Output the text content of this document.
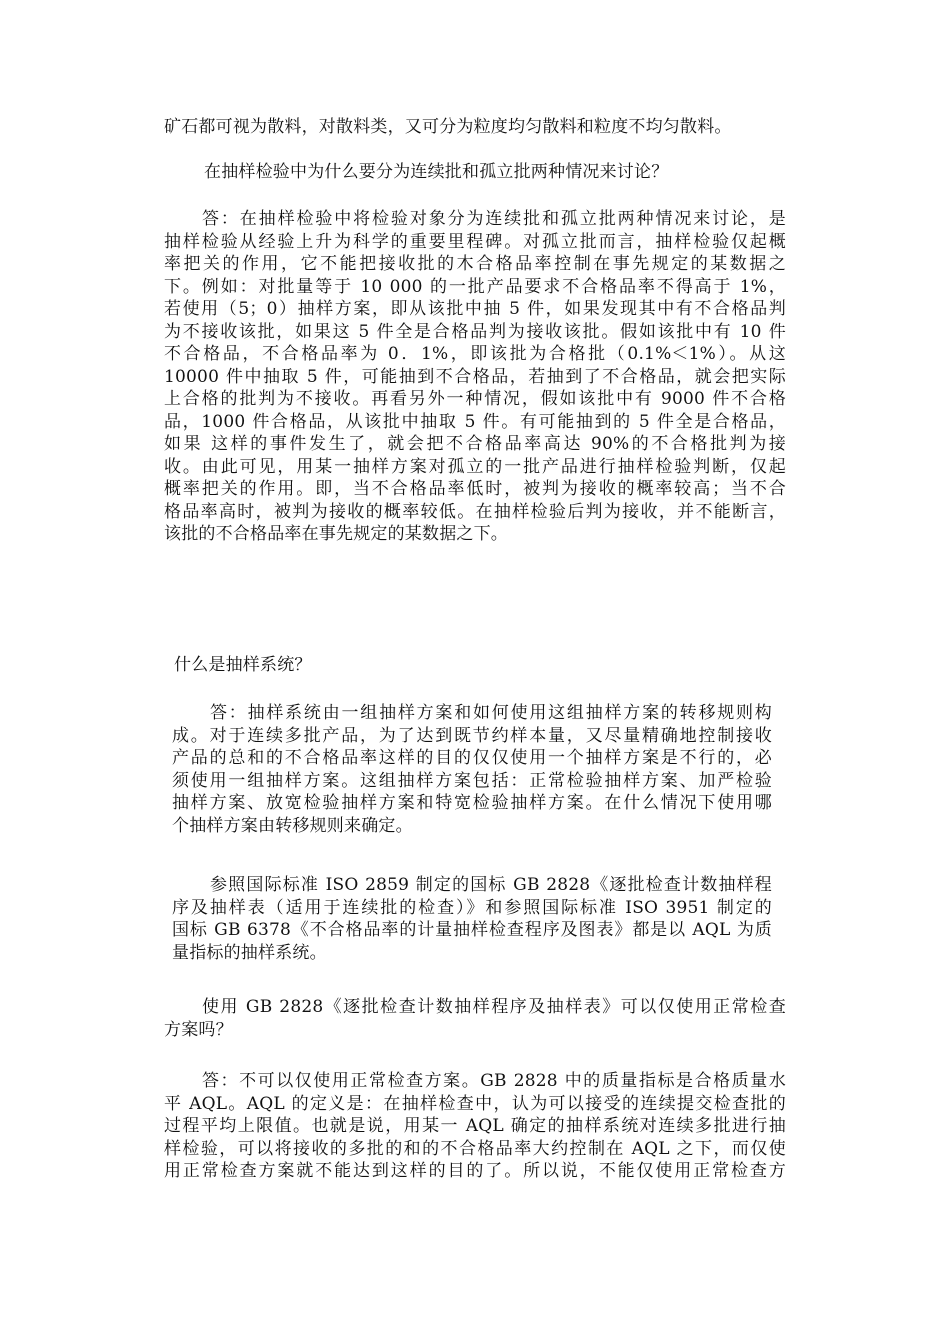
矿石都可视为散料，对散料类，又可分为粒度均匀散料和粒度不均匀散料。
在抽样检验中为什么要分为连续批和孤立批两种情况来讨论？
答：在抽样检验中将检验对象分为连续批和孤立批两种情况来讨论，是
抽样检验从经验上升为科学的重要里程碑。对孤立批而言，抽样检验仅起概
率把关的作用，它不能把接收批的木合格品率控制在事先规定的某数据之
下。例如：对批量等于 10 000 的一批产品要求不合格品率不得高于 1%，
若使用（5；0）抽样方案，即从该批中抽 5 件，如果发现其中有不合格品判
为不接收该批，如果这 5 件全是合格品判为接收该批。假如该批中有 10 件
不合格品，不合格品率为 0．1%，即该批为合格批（0.1%＜1%）。从这
10000 件中抽取 5 件，可能抽到不合格品，若抽到了不合格品，就会把实际
上合格的批判为不接收。再看另外一种情况，假如该批中有 9000 件不合格
品，1000 件合格品，从该批中抽取 5 件。有可能抽到的 5 件全是合格品，
如果 这样的事件发生了，就会把不合格品率高达 90%的不合格批判为接
收。由此可见，用某一抽样方案对孤立的一批产品进行抽样检验判断，仅起
概率把关的作用。即，当不合格品率低时，被判为接收的概率较高；当不合
格品率高时，被判为接收的概率较低。在抽样检验后判为接收，并不能断言，
该批的不合格品率在事先规定的某数据之下。
什么是抽样系统？
答：抽样系统由一组抽样方案和如何使用这组抽样方案的转移规则构
成。对于连续多批产品，为了达到既节约样本量，又尽量精确地控制接收
产品的总和的不合格品率这样的目的仅仅使用一个抽样方案是不行的，必
须使用一组抽样方案。这组抽样方案包括：正常检验抽样方案、加严检验
抽样方案、放宽检验抽样方案和特宽检验抽样方案。在什么情况下使用哪
个抽样方案由转移规则来确定。
参照国际标准 ISO 2859 制定的国标 GB 2828《逐批检查计数抽样程
序及抽样表（适用于连续批的检查）》和参照国际标准 ISO 3951 制定的
国标 GB 6378《不合格品率的计量抽样检查程序及图表》都是以 AQL 为质
量指标的抽样系统。
使用 GB 2828《逐批检查计数抽样程序及抽样表》可以仅使用正常检查
方案吗？
答：不可以仅使用正常检查方案。GB 2828 中的质量指标是合格质量水
平 AQL。AQL 的定义是：在抽样检查中，认为可以接受的连续提交检查批的
过程平均上限值。也就是说，用某一 AQL 确定的抽样系统对连续多批进行抽
样检验，可以将接收的多批的和的不合格品率大约控制在 AQL 之下，而仅使
用正常检查方案就不能达到这样的目的了。所以说，不能仅使用正常检查方
